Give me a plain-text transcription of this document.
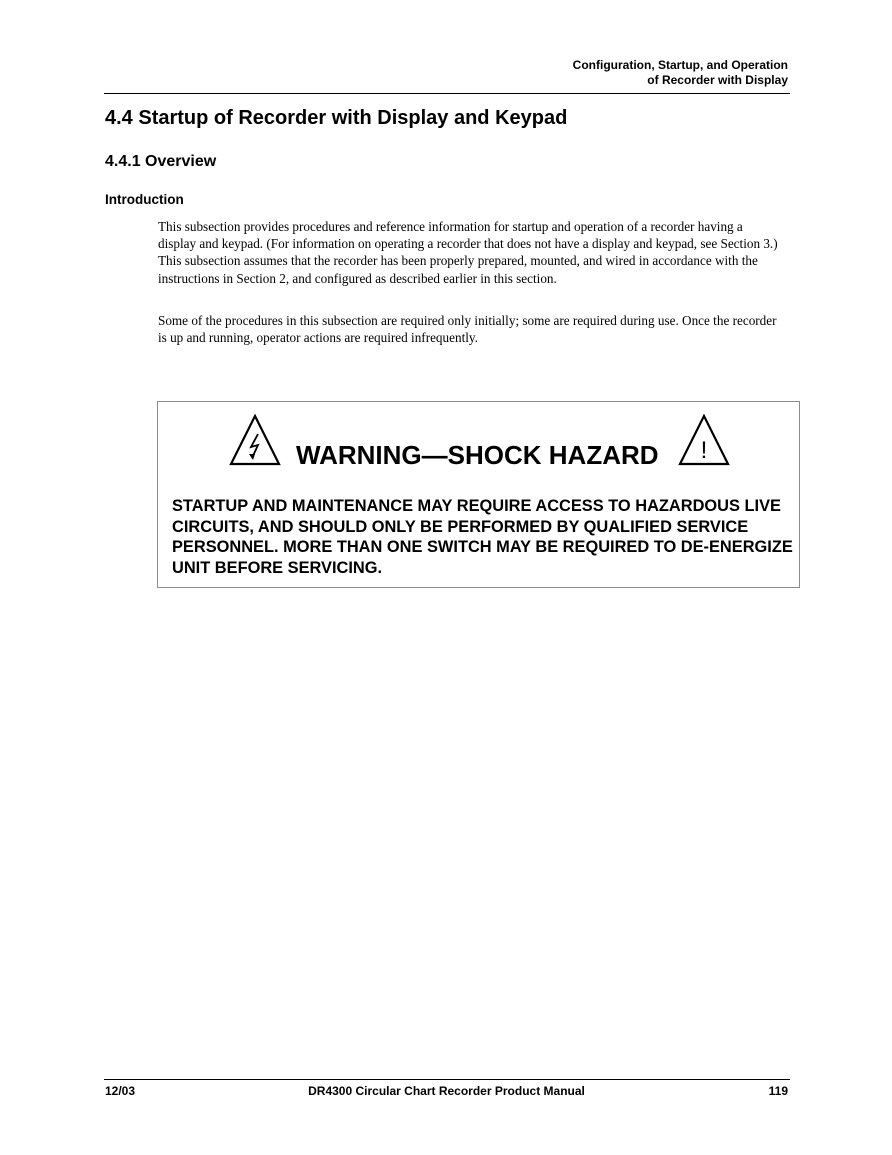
Configuration, Startup, and Operation
of Recorder with Display
4.4 Startup of Recorder with Display and Keypad
4.4.1 Overview
Introduction

This subsection provides procedures and reference information for startup and operation of a recorder having a display and keypad. (For information on operating a recorder that does not have a display and keypad, see Section 3.) This subsection assumes that the recorder has been properly prepared, mounted, and wired in accordance with the instructions in Section 2, and configured as described earlier in this section.

Some of the procedures in this subsection are required only initially; some are required during use. Once the recorder is up and running, operator actions are required infrequently.

WARNING—SHOCK HAZARD	!

STARTUP AND MAINTENANCE MAY REQUIRE ACCESS TO HAZARDOUS LIVE CIRCUITS, AND SHOULD ONLY BE PERFORMED BY QUALIFIED SERVICE PERSONNEL. MORE THAN ONE SWITCH MAY BE REQUIRED TO DE-ENERGIZE UNIT BEFORE SERVICING.

12/03	DR4300 Circular Chart Recorder Product Manual	119
